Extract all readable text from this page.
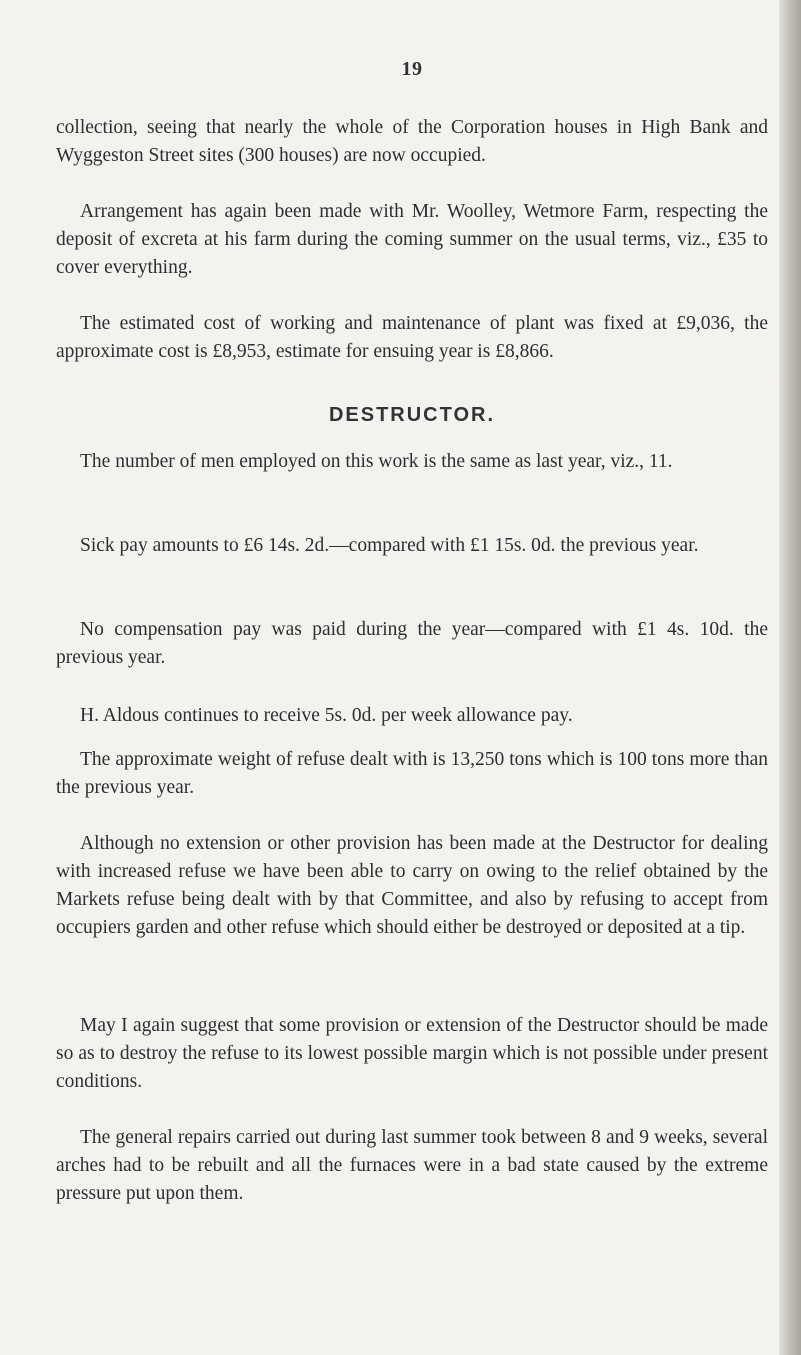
19

collection, seeing that nearly the whole of the Corporation houses in High Bank and Wyggeston Street sites (300 houses) are now occupied.

Arrangement has again been made with Mr. Woolley, Wetmore Farm, respecting the deposit of excreta at his farm during the coming summer on the usual terms, viz., £35 to cover everything.

The estimated cost of working and maintenance of plant was fixed at £9,036, the approximate cost is £8,953, estimate for ensuing year is £8,866.

DESTRUCTOR.

The number of men employed on this work is the same as last year, viz., 11.

Sick pay amounts to £6 14s. 2d.—compared with £1 15s. 0d. the previous year.

No compensation pay was paid during the year—compared with £1 4s. 10d. the previous year.

H. Aldous continues to receive 5s. 0d. per week allowance pay.

The approximate weight of refuse dealt with is 13,250 tons which is 100 tons more than the previous year.

Although no extension or other provision has been made at the Destructor for dealing with increased refuse we have been able to carry on owing to the relief obtained by the Markets refuse being dealt with by that Committee, and also by refusing to accept from occupiers garden and other refuse which should either be destroyed or deposited at a tip.

May I again suggest that some provision or extension of the Destructor should be made so as to destroy the refuse to its lowest possible margin which is not possible under present conditions.

The general repairs carried out during last summer took between 8 and 9 weeks, several arches had to be rebuilt and all the furnaces were in a bad state caused by the extreme pressure put upon them.
